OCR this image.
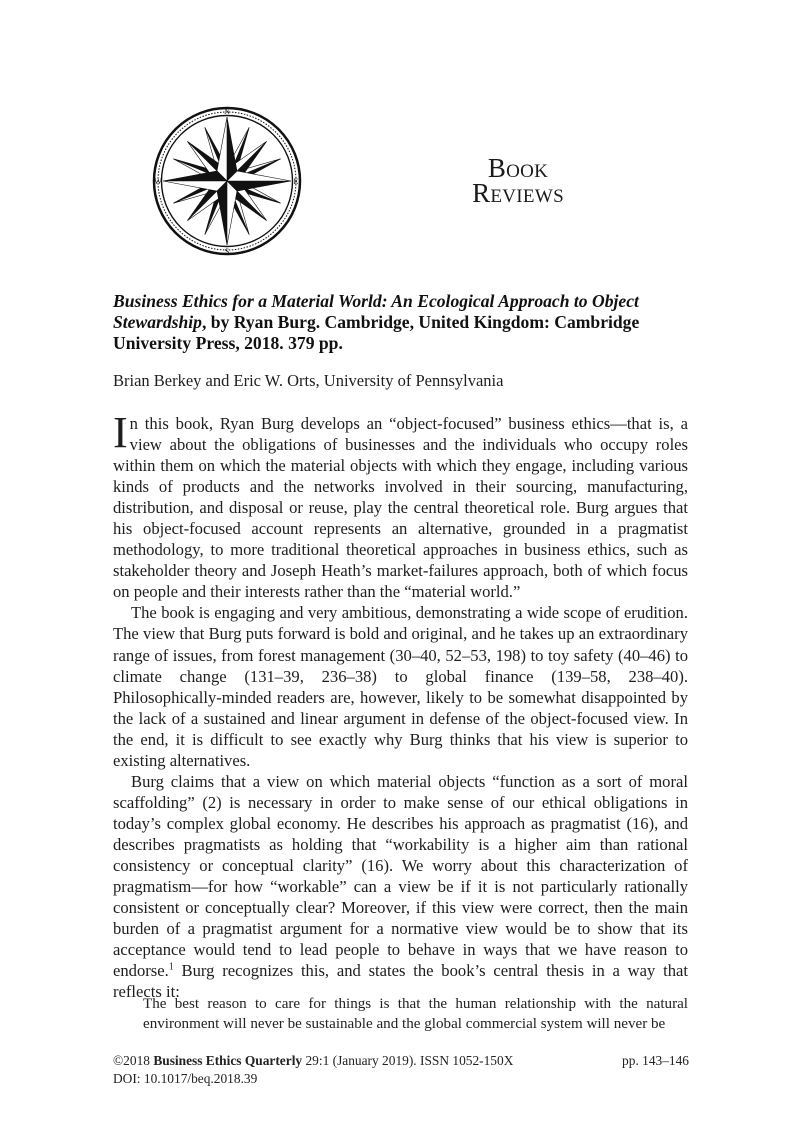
N
E
S
W	Book
Reviews
Business Ethics for a Material World: An Ecological Approach to Object Stewardship, by Ryan Burg. Cambridge, United Kingdom: Cambridge University Press, 2018. 379 pp.
Brian Berkey and Eric W. Orts, University of Pennsylvania

In this book, Ryan Burg develops an “object-focused” business ethics—that is, a view about the obligations of businesses and the individuals who occupy roles within them on which the material objects with which they engage, including various kinds of products and the networks involved in their sourcing, manufacturing, distribution, and disposal or reuse, play the central theoretical role. Burg argues that his object-focused account represents an alternative, grounded in a pragmatist methodology, to more traditional theoretical approaches in business ethics, such as stakeholder theory and Joseph Heath’s market-failures approach, both of which focus on people and their interests rather than the “material world.”

The book is engaging and very ambitious, demonstrating a wide scope of erudition. The view that Burg puts forward is bold and original, and he takes up an extraordinary range of issues, from forest management (30–40, 52–53, 198) to toy safety (40–46) to climate change (131–39, 236–38) to global finance (139–58, 238–40). Philosophically-minded readers are, however, likely to be somewhat disappointed by the lack of a sustained and linear argument in defense of the object-focused view. In the end, it is difficult to see exactly why Burg thinks that his view is superior to existing alternatives.

Burg claims that a view on which material objects “function as a sort of moral scaffolding” (2) is necessary in order to make sense of our ethical obligations in today’s complex global economy. He describes his approach as pragmatist (16), and describes pragmatists as holding that “workability is a higher aim than rational consistency or conceptual clarity” (16). We worry about this characterization of pragmatism—for how “workable” can a view be if it is not particularly rationally consistent or conceptually clear? Moreover, if this view were correct, then the main burden of a pragmatist argument for a normative view would be to show that its acceptance would tend to lead people to behave in ways that we have reason to endorse.$^1$ Burg recognizes this, and states the book’s central thesis in a way that reflects it:

The best reason to care for things is that the human relationship with the natural environment will never be sustainable and the global commercial system will never be
©2018 Business Ethics Quarterly 29:1 (January 2019). ISSN 1052-150X	pp. 143–146
DOI: 10.1017/beq.2018.39
